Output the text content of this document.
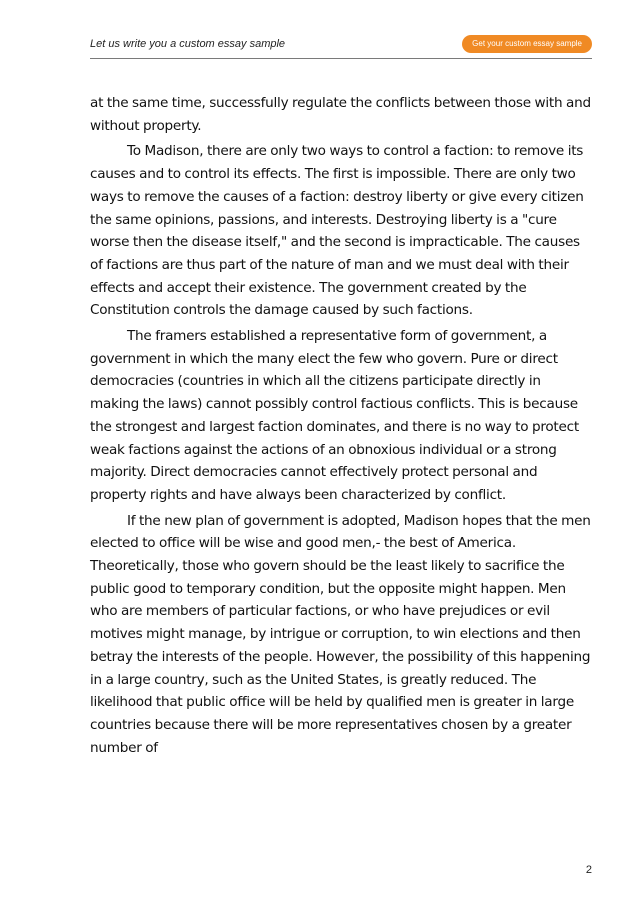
Let us write you a custom essay sample	Get your custom essay sample

at the same time, successfully regulate the conflicts between those with and without property.

To Madison, there are only two ways to control a faction: to remove its causes and to control its effects. The first is impossible. There are only two ways to remove the causes of a faction: destroy liberty or give every citizen the same opinions, passions, and interests. Destroying liberty is a "cure worse then the disease itself," and the second is impracticable. The causes of factions are thus part of the nature of man and we must deal with their effects and accept their existence. The government created by the Constitution controls the damage caused by such factions.

The framers established a representative form of government, a government in which the many elect the few who govern. Pure or direct democracies (countries in which all the citizens participate directly in making the laws) cannot possibly control factious conflicts. This is because the strongest and largest faction dominates, and there is no way to protect weak factions against the actions of an obnoxious individual or a strong majority. Direct democracies cannot effectively protect personal and property rights and have always been characterized by conflict.

If the new plan of government is adopted, Madison hopes that the men elected to office will be wise and good men,- the best of America. Theoretically, those who govern should be the least likely to sacrifice the public good to temporary condition, but the opposite might happen. Men who are members of particular factions, or who have prejudices or evil motives might manage, by intrigue or corruption, to win elections and then betray the interests of the people. However, the possibility of this happening in a large country, such as the United States, is greatly reduced. The likelihood that public office will be held by qualified men is greater in large countries because there will be more representatives chosen by a greater number of

2
